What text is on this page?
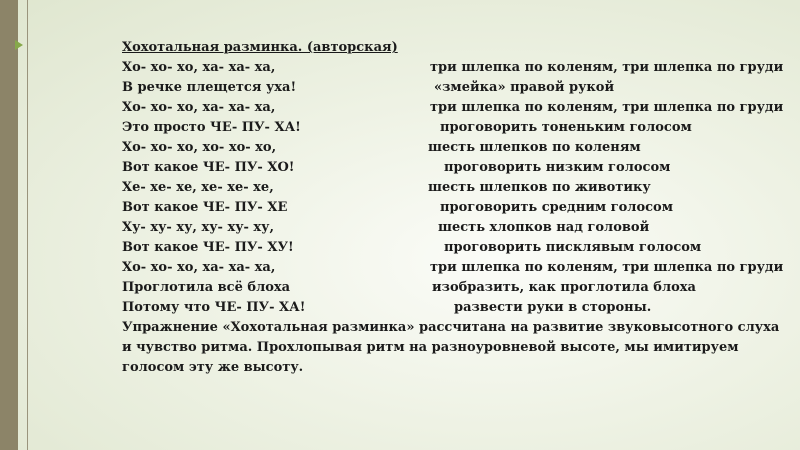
Хохотальная разминка. (авторская)
Хо- хо- хо, ха- ха- ха,	три шлепка по коленям, три шлепка по груди
В речке плещется уха!	«змейка» правой рукой
Хо- хо- хо, ха- ха- ха,	три шлепка по коленям, три шлепка по груди
Это просто ЧЕ- ПУ- ХА!	проговорить тоненьким голосом
Хо- хо- хо, хо- хо- хо,	шесть шлепков по коленям
Вот какое ЧЕ- ПУ- ХО!	проговорить низким голосом
Хе- хе- хе, хе- хе- хе,	шесть шлепков по животику
Вот какое ЧЕ- ПУ- ХЕ	проговорить средним голосом
Ху- ху- ху, ху- ху- ху,	шесть хлопков над головой
Вот какое ЧЕ- ПУ- ХУ!	проговорить писклявым голосом
Хо- хо- хо, ха- ха- ха,	три шлепка по коленям, три шлепка по груди
Проглотила всё блоха	изобразить, как проглотила блоха
Потому что ЧЕ- ПУ- ХА!	развести руки в стороны.
Упражнение «Хохотальная разминка» рассчитана на развитие звуковысотного слуха и чувство ритма. Прохлопывая ритм на разноуровневой высоте, мы имитируем голосом эту же высоту.
